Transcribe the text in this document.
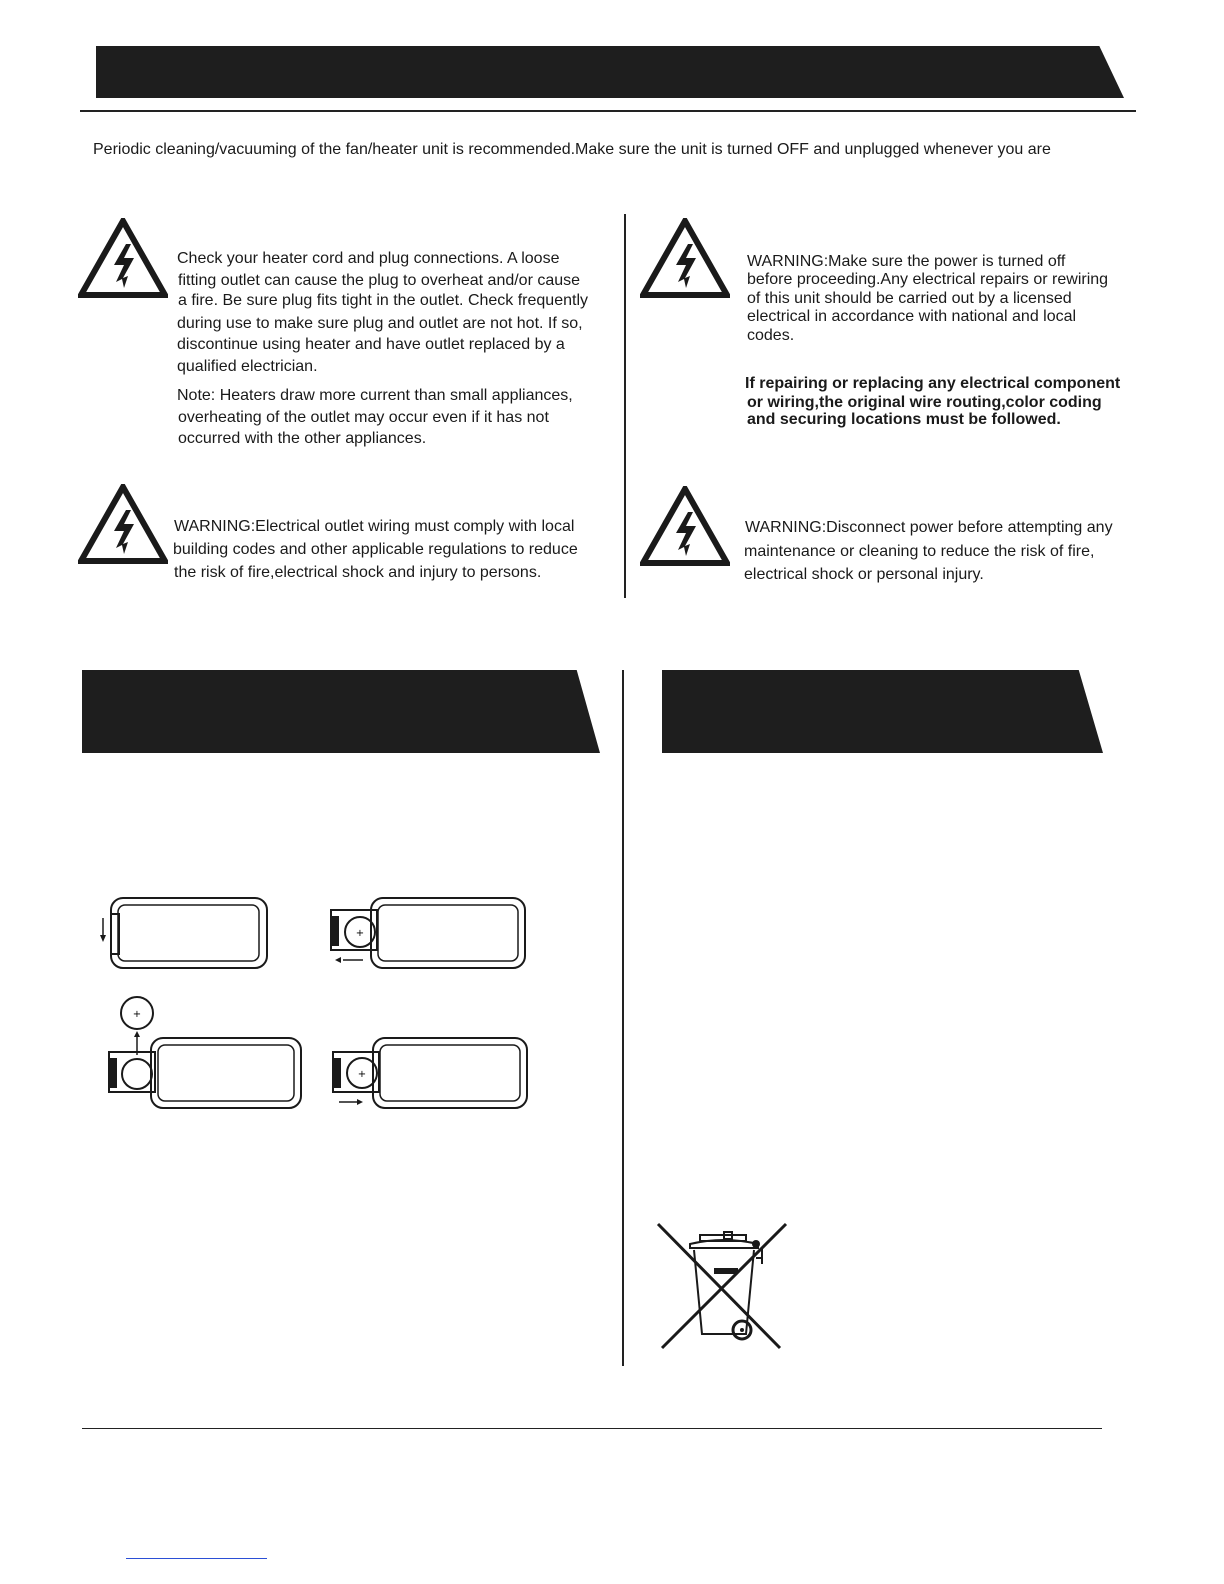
Periodic cleaning/vacuuming of the fan/heater unit is recommended.Make sure the unit is turned OFF and unplugged whenever you are
Check your heater cord and plug connections. A loose
fitting outlet can cause the plug to overheat and/or cause
a fire. Be sure plug fits tight in the outlet. Check frequently
during use to make sure plug and outlet are not hot. If so,
discontinue using heater and have outlet replaced by a
qualified electrician.
Note: Heaters draw more current than small appliances,
overheating of the outlet may occur even if it has not
occurred with the other appliances.
WARNING:Electrical outlet wiring must comply with local
building codes and other applicable regulations to reduce
the risk of fire,electrical shock and injury to persons.
WARNING:Make sure the power is turned off
before proceeding.Any electrical repairs or rewiring
of this unit should be carried out by a licensed
electrical in accordance with national and local
codes.
If repairing or replacing any electrical component
or wiring,the original wire routing,color coding
and securing locations must be followed.
WARNING:Disconnect power before attempting any
maintenance or cleaning to reduce the risk of fire,
electrical shock or personal injury.
+
+
+
